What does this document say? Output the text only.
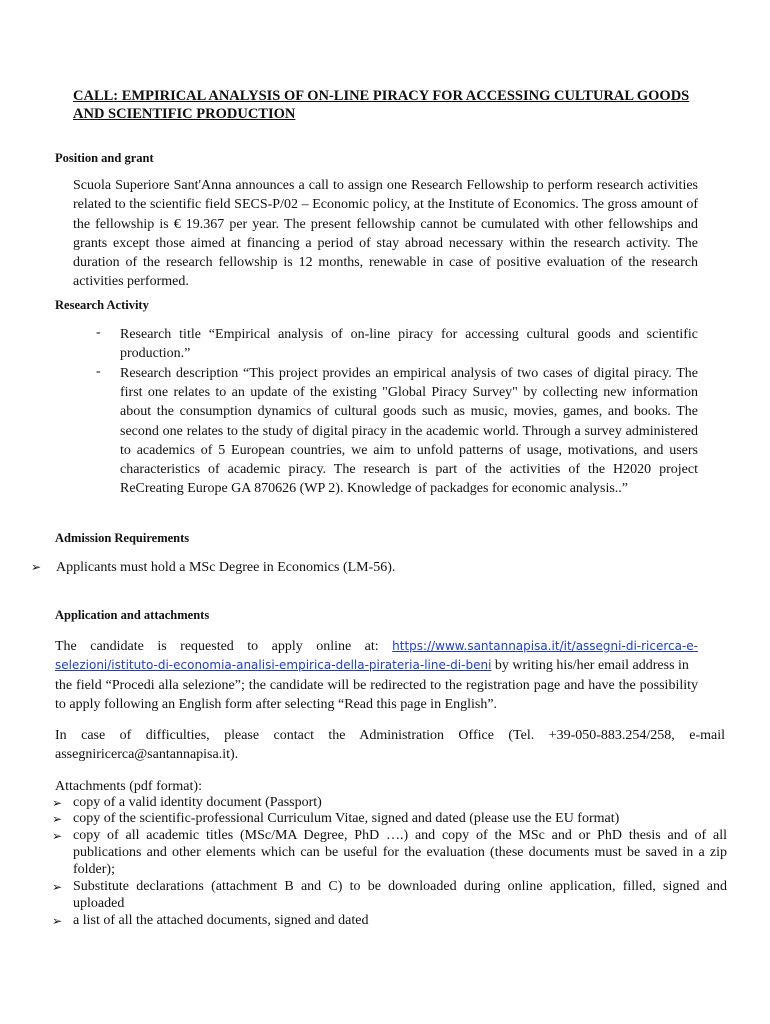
CALL: EMPIRICAL ANALYSIS OF ON-LINE PIRACY FOR ACCESSING CULTURAL GOODS AND SCIENTIFIC PRODUCTION
Position and grant
Scuola Superiore Sant'Anna announces a call to assign one Research Fellowship to perform research activities related to the scientific field SECS-P/02 – Economic policy, at the Institute of Economics. The gross amount of the fellowship is € 19.367 per year. The present fellowship cannot be cumulated with other fellowships and grants except those aimed at financing a period of stay abroad necessary within the research activity. The duration of the research fellowship is 12 months, renewable in case of positive evaluation of the research activities performed.
Research Activity
- Research title “Empirical analysis of on-line piracy for accessing cultural goods and scientific production.”
- Research description “This project provides an empirical analysis of two cases of digital piracy. The first one relates to an update of the existing "Global Piracy Survey" by collecting new information about the consumption dynamics of cultural goods such as music, movies, games, and books. The second one relates to the study of digital piracy in the academic world. Through a survey administered to academics of 5 European countries, we aim to unfold patterns of usage, motivations, and users characteristics of academic piracy. The research is part of the activities of the H2020 project ReCreating Europe GA 870626 (WP 2). Knowledge of packadges for economic analysis..”
Admission Requirements
➢ Applicants must hold a MSc Degree in Economics (LM-56).
Application and attachments
The candidate is requested to apply online at: https://www.santannapisa.it/it/assegni-di-ricerca-e-
selezioni/istituto-di-economia-analisi-empirica-della-pirateria-line-di-beni by writing his/her email address in
the field “Procedi alla selezione”; the candidate will be redirected to the registration page and have the possibility to apply following an English form after selecting “Read this page in English”.
In case of difficulties, please contact the Administration Office (Tel. +39-050-883.254/258, e-mail assegniricerca@santannapisa.it).
Attachments (pdf format):
➢ copy of a valid identity document (Passport)
➢ copy of the scientific-professional Curriculum Vitae, signed and dated (please use the EU format)
➢ copy of all academic titles (MSc/MA Degree, PhD ….) and copy of the MSc and or PhD thesis and of all publications and other elements which can be useful for the evaluation (these documents must be saved in a zip folder);
➢ Substitute declarations (attachment B and C) to be downloaded during online application, filled, signed and uploaded
➢ a list of all the attached documents, signed and dated
